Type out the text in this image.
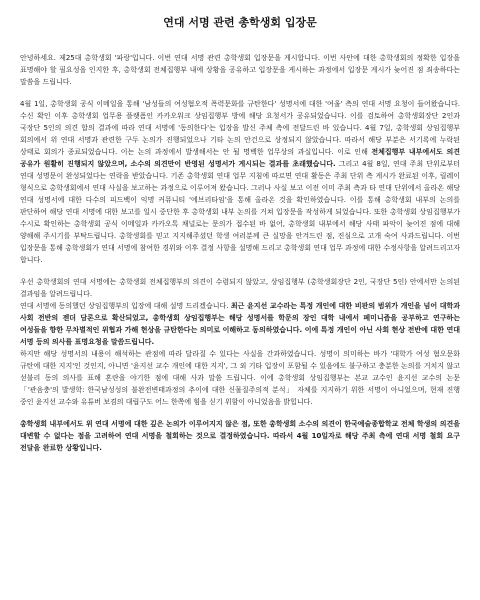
연대 서명 관련 총학생회 입장문

안녕하세요. 제25대 총학생회 '파랑'입니다. 이번 연대 서명 관련 총학생회 입장문을 게시합니다. 이번 사안에 대한 총학생회의 정확한 입장을 표명해야 할 필요성을 인지한 후, 총학생회 전체집행부 내에 상황을 공유하고 입장문을 게시하는 과정에서 입장문 게시가 늦어진 점 죄송하다는 말씀을 드립니다.

4월 1일, 총학생회 공식 이메일을 통해 '남성들의 여성혐오적 폭력문화를 규탄한다' 성명서에 대한 '여울' 측의 연대 서명 요청이 들어왔습니다. 수신 확인 이후 총학생회 업무용 플랫폼인 카카오워크 상임집행부 방에 해당 요청서가 공유되었습니다. 이를 검토하여 총학생회장단 2인과 국장단 5인의 의견 합의 결과에 따라 연대 서명에 '동의한다'는 입장을 발신 주체 측에 전달드린 바 있습니다. 4월 7일, 총학생회 상임집행부 회의에서 위 연대 서명과 관련한 구두 논의가 진행되었으나 기타 논의 안건으로 상정되지 않았습니다. 따라서 해당 부분은 서기록에 누락된 상태로 회의가 종료되었습니다. 이는 논의 과정에서 발생해서는 안 될 명백한 업무상의 과실입니다. 이로 인해 전체집행부 내부에서도 의견 공유가 원활히 진행되지 않았으며, 소수의 의견만이 반영된 성명서가 게시되는 결과를 초래했습니다. 그리고 4월 8일, 연대 주최 단위로부터 연대 성명문이 완성되었다는 연락을 받았습니다. 기존 총학생회 연대 업무 지침에 따르면 연대 활동은 주최 단위 측 게시가 완료된 이후, 릴레이 형식으로 총학생회에서 연대 사실을 보고하는 과정으로 이루어져 왔습니다. 그러나 사실 보고 이전 이미 주최 측과 타 연대 단위에서 올라온 해당 연대 성명서에 대한 다수의 피드백이 익명 커뮤니티 '에브리타임'을 통해 올라온 것을 확인하였습니다. 이를 통해 총학생회 내부의 논의를 판단하여 해당 연대 서명에 대한 보고를 일시 중단한 후 총학생회 내부 논의를 거쳐 입장문을 작성하게 되었습니다. 또한 총학생회 상임집행부가 수시로 확인하는 총학생회 공식 이메일과 카카오톡 채널로는 문의가 접수된 바 없어, 총학생회 내부에서 해당 사태 파악이 늦어진 점에 대해 양해해 주시기를 부탁드립니다. 총학생회를 믿고 지지해주셨던 학생 여러분께 큰 실망을 안겨드린 점, 진심으로 고개 숙여 사과드립니다. 이번 입장문을 통해 총학생회가 연대 서명에 참여한 경위와 이후 결정 사항을 설명해 드리고 총학생회 연대 업무 과정에 대한 수정사항을 알려드리고자 합니다.

우선 총학생회의 연대 서명에는 총학생회 전체집행부의 의견이 수렴되지 않았고, 상임집행부 (총학생회장단 2인, 국장단 5인) 안에서만 논의된 결과임을 알려드립니다.

연대 서명에 동의했던 상임집행부의 입장에 대해 설명 드리겠습니다. 최근 윤지선 교수라는 특정 개인에 대한 비판의 범위가 개인을 넘어 대학과 사회 전반의 젠더 담론으로 확산되었고, 총학생회 상임집행부는 해당 성명서를 학문의 장인 대학 내에서 페미니즘을 공부하고 연구하는 여성들을 향한 무차별적인 위협과 가해 현상을 규탄한다는 의미로 이해하고 동의하였습니다. 이에 특정 개인이 아닌 사회 현상 전반에 대한 연대 서명 등의 의사를 표명요청을 말씀드립니다.

하지만 해당 성명서의 내용이 해석하는 관점에 따라 달라질 수 있다는 사실을 간과하였습니다. 성명이 의미하는 바가 '대학가 여성 혐오문화 규탄에 대한 지지'인 것인지, 아니면 '윤지선 교수 개인에 대한 지지', 그 외 기타 입장이 포함될 수 있음에도 불구하고 충분한 논의를 거치지 않고 섣불리 동의 의사를 표해 혼란을 야기한 점에 대해 사과 말씀 드립니다. 이에 총학생회 상임집행부는 본교 교수인 윤지선 교수의 논문 「'관음충'의 발생학: 한국남성성의 불완전변태과정의 추이에 대한 신물질주의적 분석」 자체를 지지하기 위한 서명이 아니었으며, 현재 진행 중인 윤지선 교수와 유튜버 보겸의 대립구도 어느 한쪽에 힘을 싣기 위함이 아니었음을 밝힙니다.

총학생회 내부에서도 위 연대 서명에 대한 깊은 논의가 이루어지지 않은 점, 또한 총학생회 소수의 의견이 한국예술종합학교 전체 학생의 의견을 대변할 수 없다는 점을 고려하여 연대 서명을 철회하는 것으로 결정하였습니다. 따라서 4월 10일자로 해당 주최 측에 연대 서명 철회 요구 전달을 완료한 상황입니다.
